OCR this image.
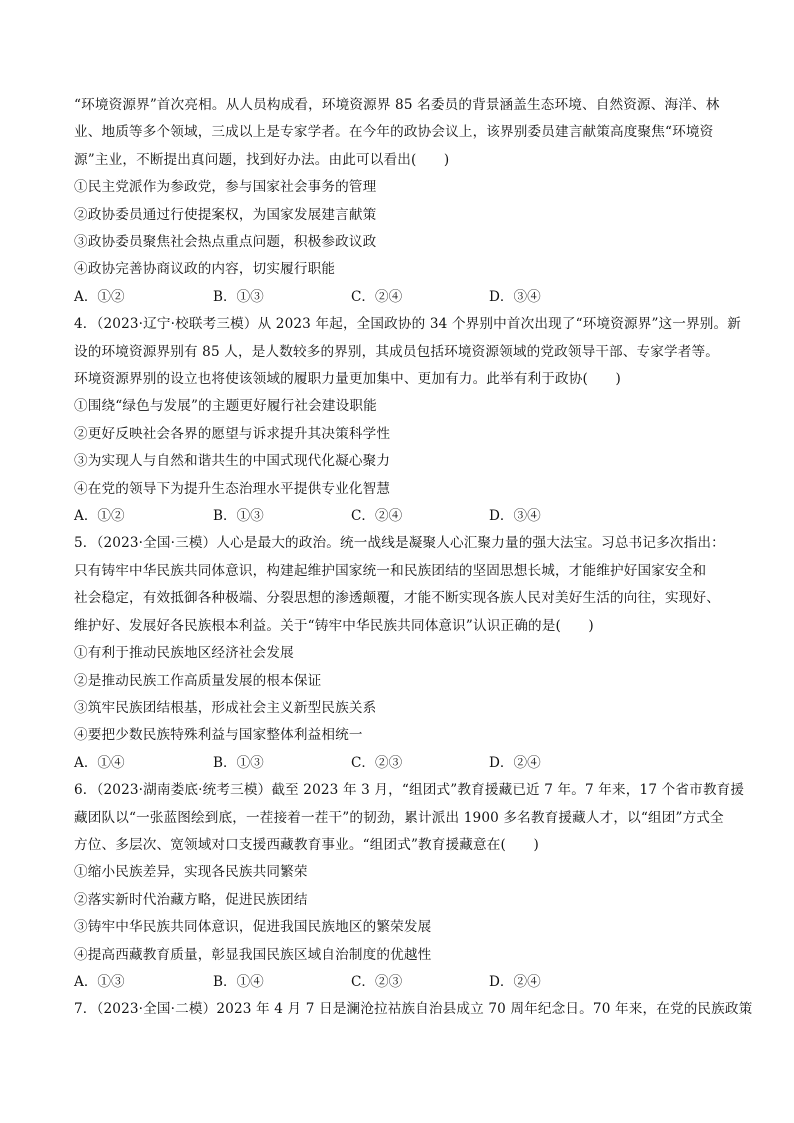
“环境资源界”首次亮相。从人员构成看，环境资源界 85 名委员的背景涵盖生态环境、自然资源、海洋、林
业、地质等多个领域，三成以上是专家学者。在今年的政协会议上，该界别委员建言献策高度聚焦“环境资
源”主业，不断提出真问题，找到好办法。由此可以看出(　　)
①民主党派作为参政党，参与国家社会事务的管理
②政协委员通过行使提案权，为国家发展建言献策
③政协委员聚焦社会热点重点问题，积极参政议政
④政协完善协商议政的内容，切实履行职能
A．①②	B．①③	C．②④	D．③④
4．（2023·辽宁·校联考三模）从 2023 年起，全国政协的 34 个界别中首次出现了“环境资源界”这一界别。新
设的环境资源界别有 85 人，是人数较多的界别，其成员包括环境资源领域的党政领导干部、专家学者等。
环境资源界别的设立也将使该领域的履职力量更加集中、更加有力。此举有利于政协(　　)
①围绕“绿色与发展”的主题更好履行社会建设职能
②更好反映社会各界的愿望与诉求提升其决策科学性
③为实现人与自然和谐共生的中国式现代化凝心聚力
④在党的领导下为提升生态治理水平提供专业化智慧
A．①②	B．①③	C．②④	D．③④
5．（2023·全国·三模）人心是最大的政治。统一战线是凝聚人心汇聚力量的强大法宝。习总书记多次指出：
只有铸牢中华民族共同体意识，构建起维护国家统一和民族团结的坚固思想长城，才能维护好国家安全和
社会稳定，有效抵御各种极端、分裂思想的渗透颠覆，才能不断实现各族人民对美好生活的向往，实现好、
维护好、发展好各民族根本利益。关于“铸牢中华民族共同体意识”认识正确的是(　　)
①有利于推动民族地区经济社会发展
②是推动民族工作高质量发展的根本保证
③筑牢民族团结根基，形成社会主义新型民族关系
④要把少数民族特殊利益与国家整体利益相统一
A．①④	B．①③	C．②③	D．②④
6．（2023·湖南娄底·统考三模）截至 2023 年 3 月，“组团式”教育援藏已近 7 年。7 年来，17 个省市教育援
藏团队以“一张蓝图绘到底，一茬接着一茬干”的韧劲，累计派出 1900 多名教育援藏人才，以“组团”方式全
方位、多层次、宽领域对口支援西藏教育事业。“组团式”教育援藏意在(　　)
①缩小民族差异，实现各民族共同繁荣
②落实新时代治藏方略，促进民族团结
③铸牢中华民族共同体意识，促进我国民族地区的繁荣发展
④提高西藏教育质量，彰显我国民族区域自治制度的优越性
A．①③	B．①④	C．②③	D．②④
7．（2023·全国·二模）2023 年 4 月 7 日是澜沧拉祜族自治县成立 70 周年纪念日。70 年来，在党的民族政策
